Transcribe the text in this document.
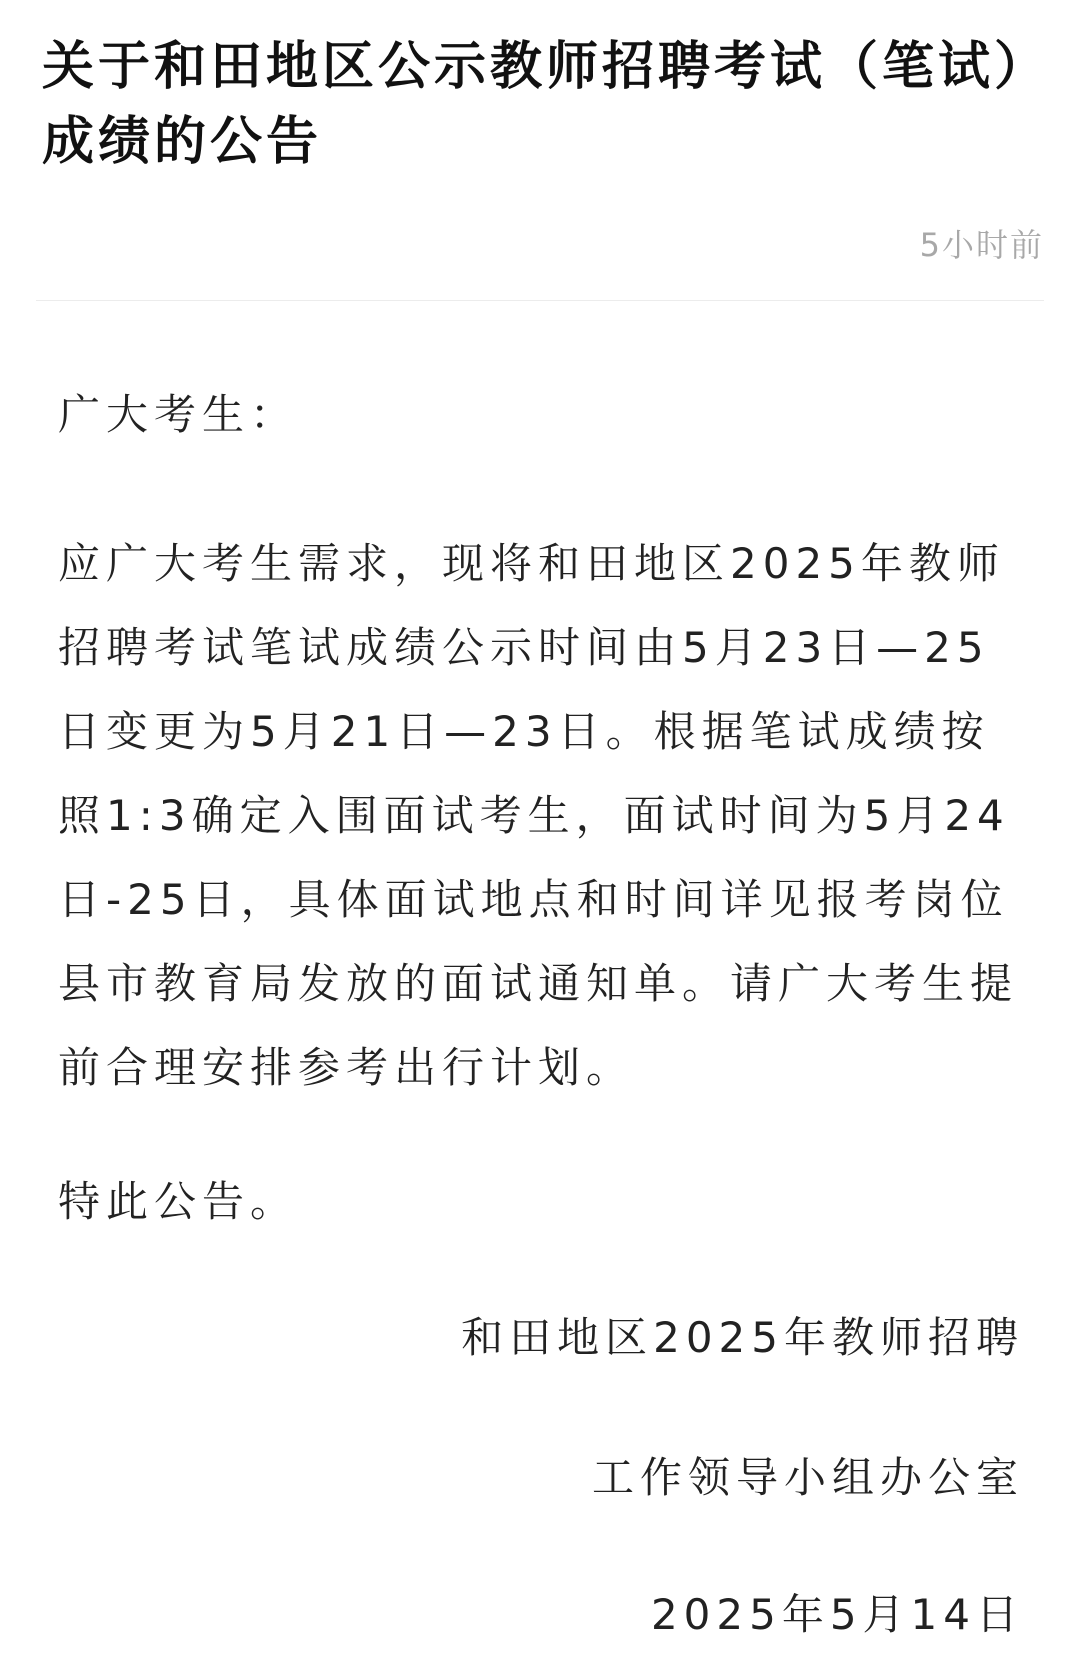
关于和田地区公示教师招聘考试（笔试）成绩的公告
5小时前
广大考生：

应广大考生需求，现将和田地区2025年教师招聘考试笔试成绩公示时间由5月23日—25日变更为5月21日—23日。根据笔试成绩按照1:3确定入围面试考生，面试时间为5月24日-25日，具体面试地点和时间详见报考岗位县市教育局发放的面试通知单。请广大考生提前合理安排参考出行计划。

特此公告。
和田地区2025年教师招聘
工作领导小组办公室
2025年5月14日
